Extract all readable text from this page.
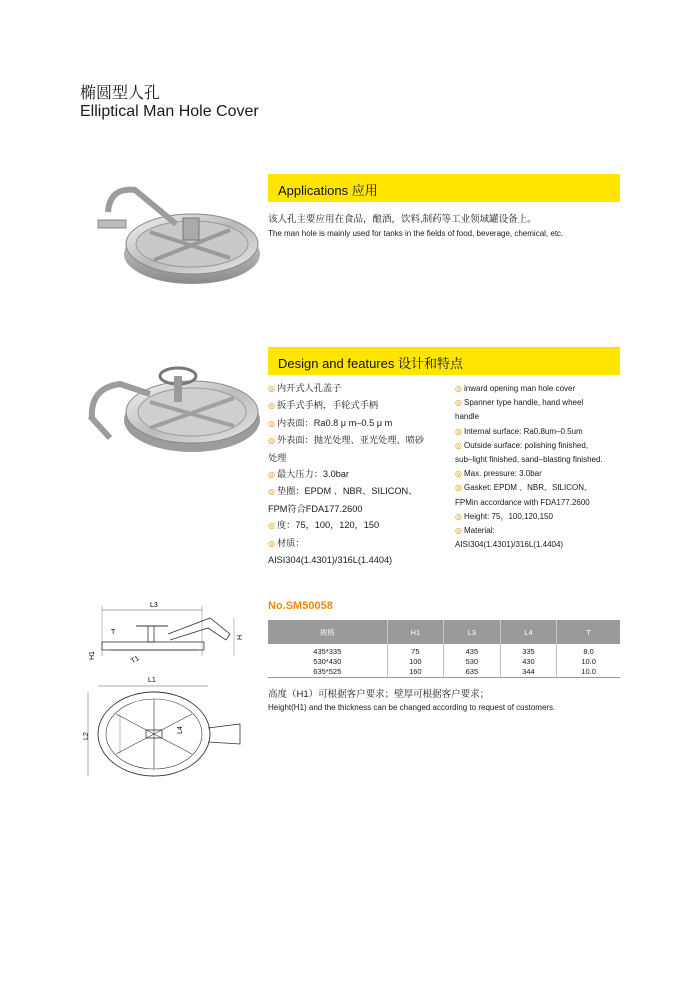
椭圆型人孔
Elliptical Man Hole Cover
Applications 应用
该人孔主要应用在食品，酿酒，饮料,制药等工业领域罐设备上。
The man hole is mainly used for tanks in the fields of food, beverage, chemical, etc.
Design and features 设计和特点
◎ 内开式人孔盖子
◎ 扳手式手柄，手轮式手柄
◎ 内表面：Ra0.8 μ m–0.5 μ m
◎ 外表面：抛光处理、亚光处理、喷砂
处理
◎ 最大压力：3.0bar
◎ 垫圈：EPDM 、NBR、SILICON、
FPM符合FDA177.2600
◎ 度：75，100，120，150
◎ 材质：
AISI304(1.4301)/316L(1.4404)
◎ inward opening man hole cover
◎ Spanner type handle, hand wheel
handle
◎ Internal surface: Ra0.8um–0.5um
◎ Outside surface: polishing finished,
sub–light finished, sand–blasting finished.
◎ Max. pressure: 3.0bar
◎ Gasket: EPDM 、NBR、SILICON、
FPMin accordance with FDA177.2600
◎ Height: 75，100,120,150
◎ Material:
AISI304(1.4301)/316L(1.4404)
L3
T
H1	T1
H
L1
L2
L4
No.SM50058
规格	H1	L3	L4	T
435*335	75	435	335	8.0
530*430	100	530	430	10.0
635*525	160	635	344	10.0
高度（H1）可根据客户要求；壁厚可根据客户要求；
Height(H1) and the thickness can be changed according to request of customers.
